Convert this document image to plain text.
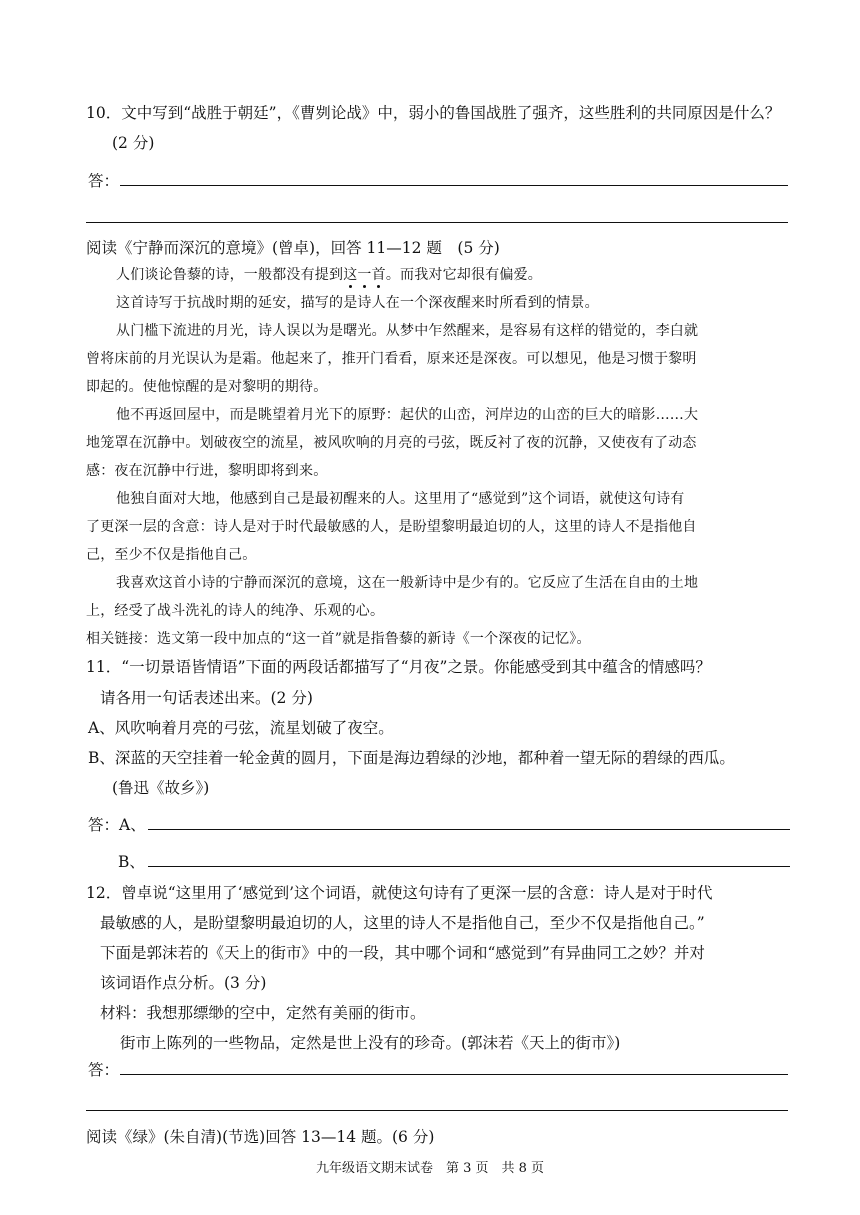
10．文中写到“战胜于朝廷”，《曹刿论战》中，弱小的鲁国战胜了强齐，这些胜利的共同原因是什么？
(2 分)
答：
阅读《宁静而深沉的意境》(曾卓)，回答 11—12 题　(5 分)
人们谈论鲁藜的诗，一般都没有提到这一首。而我对它却很有偏爱。
这首诗写于抗战时期的延安，描写的是诗人在一个深夜醒来时所看到的情景。
从门槛下流进的月光，诗人误以为是曙光。从梦中乍然醒来，是容易有这样的错觉的，李白就
曾将床前的月光误认为是霜。他起来了，推开门看看，原来还是深夜。可以想见，他是习惯于黎明
即起的。使他惊醒的是对黎明的期待。
他不再返回屋中，而是眺望着月光下的原野：起伏的山峦，河岸边的山峦的巨大的暗影……大
地笼罩在沉静中。划破夜空的流星，被风吹响的月亮的弓弦，既反衬了夜的沉静，又使夜有了动态
感：夜在沉静中行进，黎明即将到来。
他独自面对大地，他感到自己是最初醒来的人。这里用了“感觉到”这个词语，就使这句诗有
了更深一层的含意：诗人是对于时代最敏感的人，是盼望黎明最迫切的人，这里的诗人不是指他自
己，至少不仅是指他自己。
我喜欢这首小诗的宁静而深沉的意境，这在一般新诗中是少有的。它反应了生活在自由的土地
上，经受了战斗洗礼的诗人的纯净、乐观的心。
相关链接：选文第一段中加点的“这一首”就是指鲁藜的新诗《一个深夜的记忆》。
11．“一切景语皆情语”下面的两段话都描写了“月夜”之景。你能感受到其中蕴含的情感吗？
请各用一句话表述出来。(2 分)
A、风吹响着月亮的弓弦，流星划破了夜空。
B、深蓝的天空挂着一轮金黄的圆月，下面是海边碧绿的沙地，都种着一望无际的碧绿的西瓜。
(鲁迅《故乡》)
答：A、
B、
12．曾卓说“这里用了‘感觉到’这个词语，就使这句诗有了更深一层的含意：诗人是对于时代
最敏感的人，是盼望黎明最迫切的人，这里的诗人不是指他自己，至少不仅是指他自己。”
下面是郭沫若的《天上的街市》中的一段，其中哪个词和“感觉到”有异曲同工之妙？并对
该词语作点分析。(3 分)
材料：我想那缥缈的空中，定然有美丽的街市。
街市上陈列的一些物品，定然是世上没有的珍奇。(郭沫若《天上的街市》)
答：
阅读《绿》(朱自清)(节选)回答 13—14 题。(6 分)
九年级语文期末试卷　第 3 页　共 8 页
